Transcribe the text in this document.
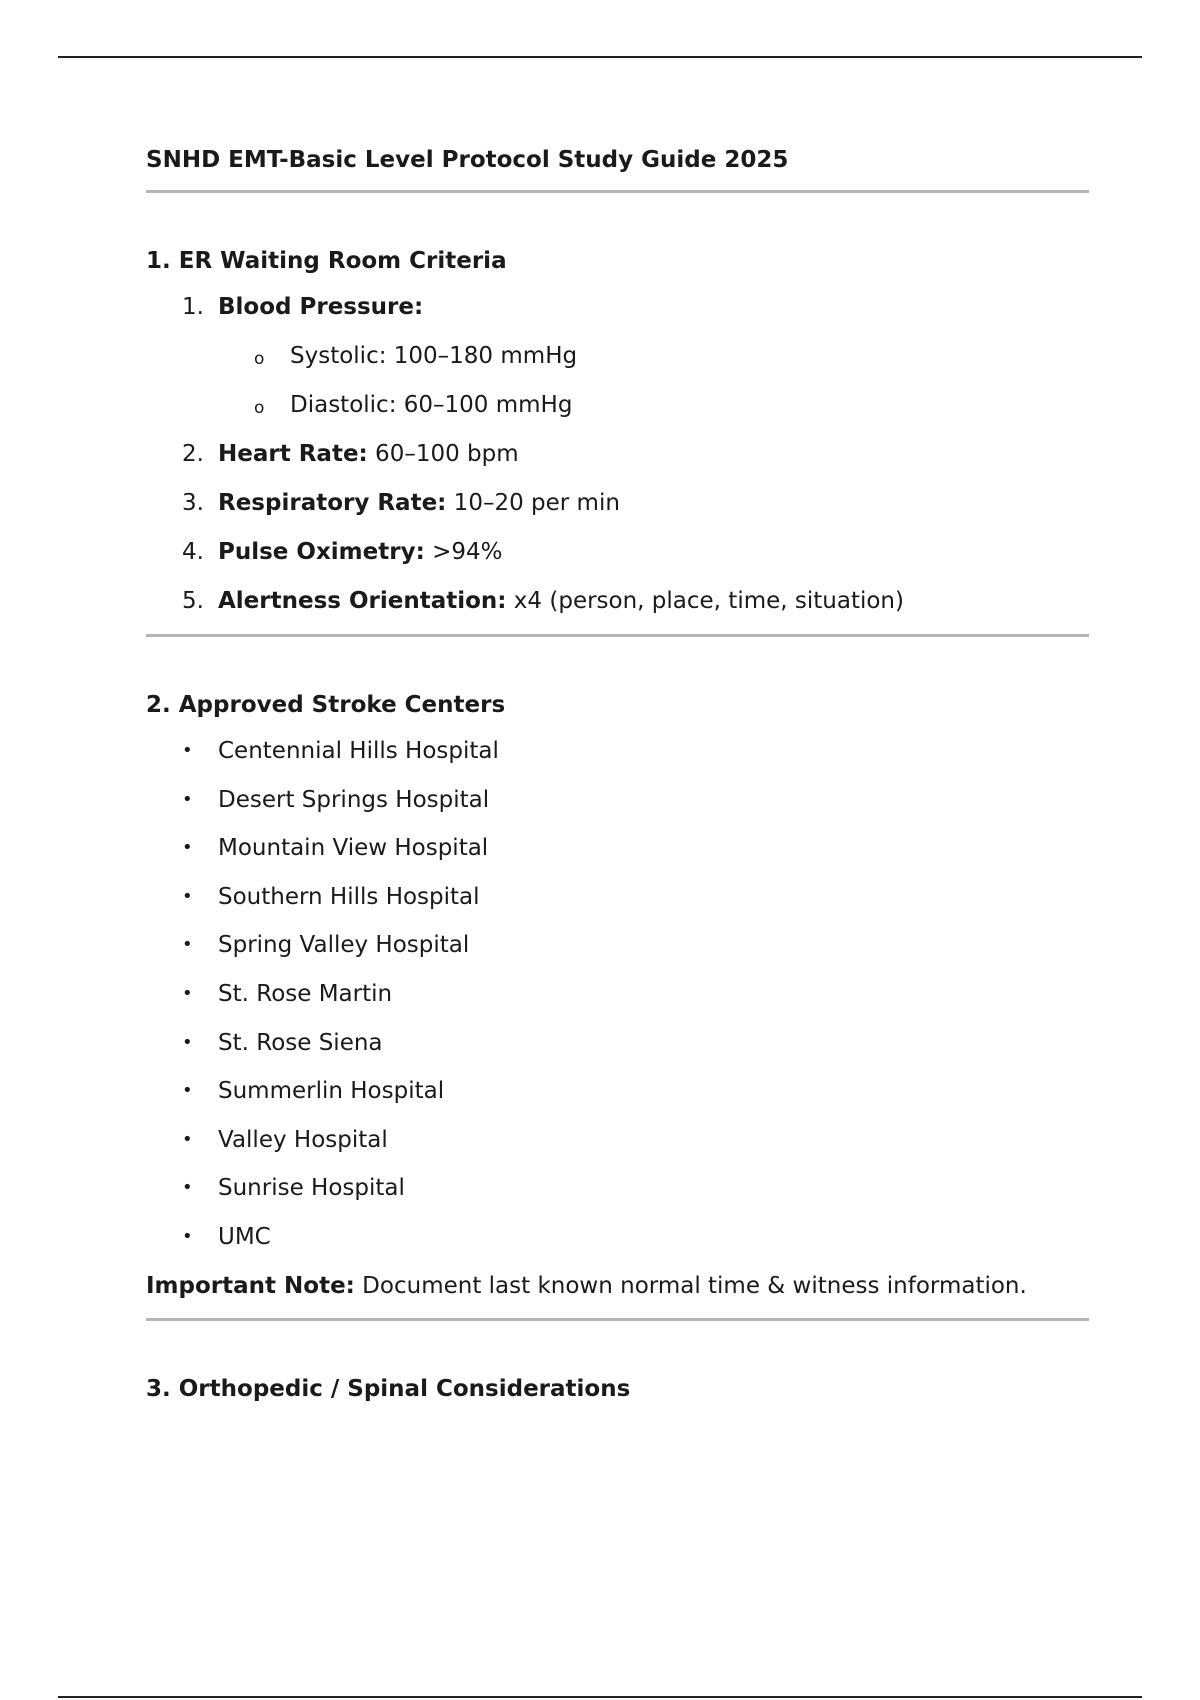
SNHD EMT-Basic Level Protocol Study Guide 2025
1. ER Waiting Room Criteria
1. Blood Pressure:
o Systolic: 100–180 mmHg
o Diastolic: 60–100 mmHg
2. Heart Rate: 60–100 bpm
3. Respiratory Rate: 10–20 per min
4. Pulse Oximetry: >94%
5. Alertness Orientation: x4 (person, place, time, situation)
2. Approved Stroke Centers
• Centennial Hills Hospital
• Desert Springs Hospital
• Mountain View Hospital
• Southern Hills Hospital
• Spring Valley Hospital
• St. Rose Martin
• St. Rose Siena
• Summerlin Hospital
• Valley Hospital
• Sunrise Hospital
• UMC

Important Note: Document last known normal time & witness information.

3. Orthopedic / Spinal Considerations
